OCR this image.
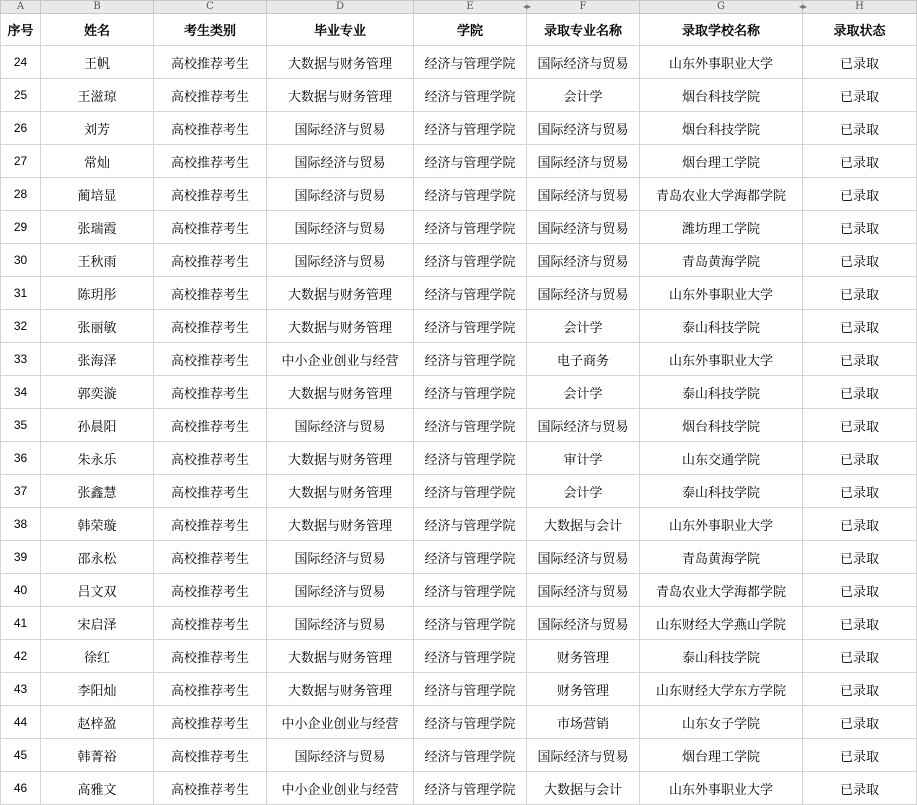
A	B	C	D	E ◂▸	F	G ◂▸	H	
序号	姓名	考生类别	毕业专业	学院	录取专业名称	录取学校名称	录取状态	
24	王帆	高校推荐考生	大数据与财务管理	经济与管理学院	国际经济与贸易	山东外事职业大学	已录取	
25	王滋琼	高校推荐考生	大数据与财务管理	经济与管理学院	会计学	烟台科技学院	已录取	
26	刘芳	高校推荐考生	国际经济与贸易	经济与管理学院	国际经济与贸易	烟台科技学院	已录取	
27	常灿	高校推荐考生	国际经济与贸易	经济与管理学院	国际经济与贸易	烟台理工学院	已录取	
28	蔺培显	高校推荐考生	国际经济与贸易	经济与管理学院	国际经济与贸易	青岛农业大学海都学院	已录取	
29	张瑞霞	高校推荐考生	国际经济与贸易	经济与管理学院	国际经济与贸易	潍坊理工学院	已录取	
30	王秋雨	高校推荐考生	国际经济与贸易	经济与管理学院	国际经济与贸易	青岛黄海学院	已录取	
31	陈玥彤	高校推荐考生	大数据与财务管理	经济与管理学院	国际经济与贸易	山东外事职业大学	已录取	
32	张丽敏	高校推荐考生	大数据与财务管理	经济与管理学院	会计学	泰山科技学院	已录取	
33	张海泽	高校推荐考生	中小企业创业与经营	经济与管理学院	电子商务	山东外事职业大学	已录取	
34	郭奕漩	高校推荐考生	大数据与财务管理	经济与管理学院	会计学	泰山科技学院	已录取	
35	孙晨阳	高校推荐考生	国际经济与贸易	经济与管理学院	国际经济与贸易	烟台科技学院	已录取	
36	朱永乐	高校推荐考生	大数据与财务管理	经济与管理学院	审计学	山东交通学院	已录取	
37	张鑫慧	高校推荐考生	大数据与财务管理	经济与管理学院	会计学	泰山科技学院	已录取	
38	韩荣璇	高校推荐考生	大数据与财务管理	经济与管理学院	大数据与会计	山东外事职业大学	已录取	
39	邵永松	高校推荐考生	国际经济与贸易	经济与管理学院	国际经济与贸易	青岛黄海学院	已录取	
40	吕文双	高校推荐考生	国际经济与贸易	经济与管理学院	国际经济与贸易	青岛农业大学海都学院	已录取	
41	宋启泽	高校推荐考生	国际经济与贸易	经济与管理学院	国际经济与贸易	山东财经大学燕山学院	已录取	
42	徐红	高校推荐考生	大数据与财务管理	经济与管理学院	财务管理	泰山科技学院	已录取	
43	李阳灿	高校推荐考生	大数据与财务管理	经济与管理学院	财务管理	山东财经大学东方学院	已录取	
44	赵梓盈	高校推荐考生	中小企业创业与经营	经济与管理学院	市场营销	山东女子学院	已录取	
45	韩菁裕	高校推荐考生	国际经济与贸易	经济与管理学院	国际经济与贸易	烟台理工学院	已录取	
46	高雅文	高校推荐考生	中小企业创业与经营	经济与管理学院	大数据与会计	山东外事职业大学	已录取	
